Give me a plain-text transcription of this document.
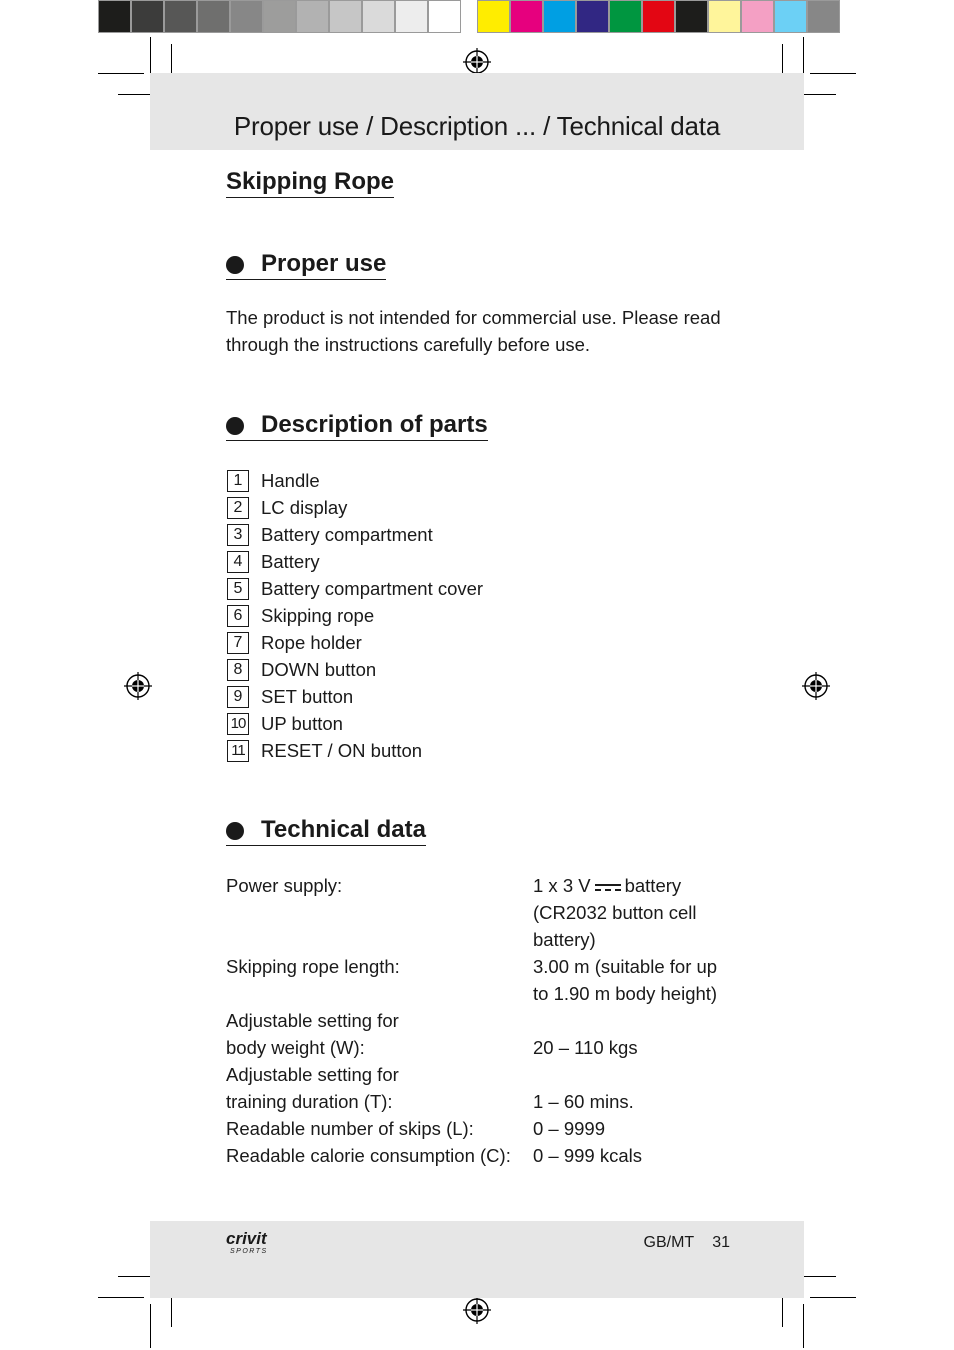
Proper use / Description ... / Technical data
Skipping Rope
Proper use
The product is not intended for commercial use. Please read through the instructions carefully before use.
Description of parts
1	Handle
2	LC display
3	Battery compartment
4	Battery
5	Battery compartment cover
6	Skipping rope
7	Rope holder
8	DOWN button
9	SET button
10 UP button
11 RESET / ON button
Technical data
Power supply:	1 x 3 V battery
(CR2032 button cell
battery)
Skipping rope length:	3.00 m (suitable for up
to 1.90 m body height)
Adjustable setting for
body weight (W):
	20 – 110 kgs
Adjustable setting for
training duration (T):
	1 – 60 mins.
Readable number of skips (L):	0 – 9999
Readable calorie consumption (C):	0 – 999 kcals
crivit
SPORTS
GB/MT 31
